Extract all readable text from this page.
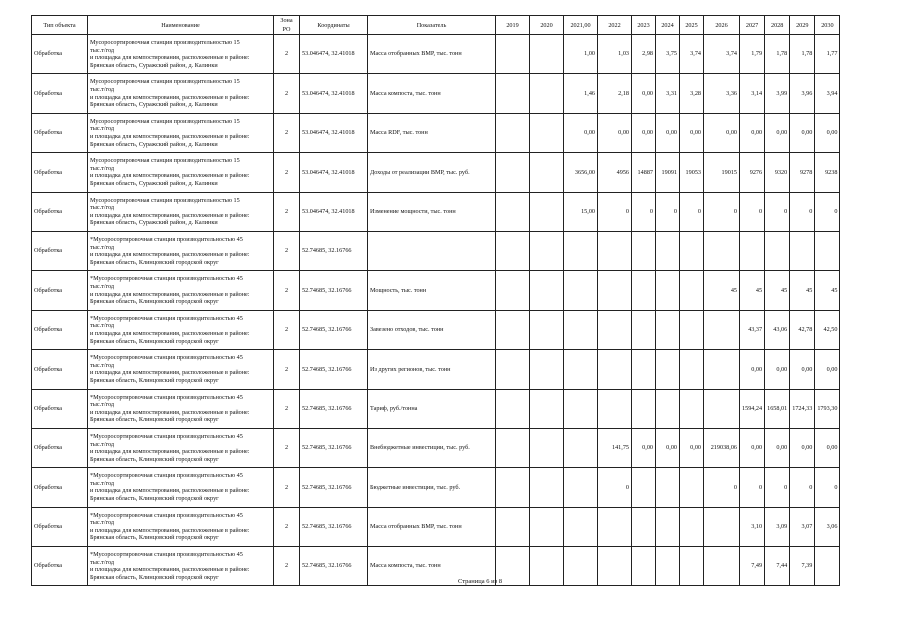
Тип объекта	Наименование	Зона РО	Координаты	Показатель	2019	2020	2021,00	2022	2023	2024	2025	2026	2027	2028	2029	2030
Обработка	Мусоросортировочная станция производительностью 15
тыс.т/год
и площадка для компостирования, расположенные в районе:
Брянская область, Суражский район, д. Калинки	2	53.046474, 32.41018	Масса отобранных ВМР, тыс. тонн			1,00	1,03	2,98	3,75	3,74	3,74	1,79	1,78	1,78	1,77
Обработка	Мусоросортировочная станция производительностью 15
тыс.т/год
и площадка для компостирования, расположенные в районе:
Брянская область, Суражский район, д. Калинки	2	53.046474, 32.41018	Масса компоста, тыс. тонн			1,46	2,18	0,00	3,31	3,28	3,36	3,14	3,99	3,96	3,94
Обработка	Мусоросортировочная станция производительностью 15
тыс.т/год
и площадка для компостирования, расположенные в районе:
Брянская область, Суражский район, д. Калинки	2	53.046474, 32.41018	Масса RDF, тыс. тонн			0,00	0,00	0,00	0,00	0,00	0,00	0,00	0,00	0,00	0,00
Обработка	Мусоросортировочная станция производительностью 15
тыс.т/год
и площадка для компостирования, расположенные в районе:
Брянская область, Суражский район, д. Калинки	2	53.046474, 32.41018	Доходы от реализации ВМР, тыс. руб.			3656,00	4956	14887	19091	19053	19015	9276	9320	9278	9238
Обработка	Мусоросортировочная станция производительностью 15
тыс.т/год
и площадка для компостирования, расположенные в районе:
Брянская область, Суражский район, д. Калинки	2	53.046474, 32.41018	Изменение мощности, тыс. тонн			15,00	0	0	0	0	0	0	0	0	0
Обработка	*Мусоросортировочная станция производительностью 45
тыс.т/год
и площадка для компостирования, расположенные в районе:
Брянская область, Клинцовский городской округ	2	52.74685, 32.16766													
Обработка	*Мусоросортировочная станция производительностью 45
тыс.т/год
и площадка для компостирования, расположенные в районе:
Брянская область, Клинцовский городской округ	2	52.74685, 32.16766	Мощность, тыс. тонн								45	45	45	45	45
Обработка	*Мусоросортировочная станция производительностью 45
тыс.т/год
и площадка для компостирования, расположенные в районе:
Брянская область, Клинцовский городской округ	2	52.74685, 32.16766	Завезено отходов, тыс. тонн									43,37	43,06	42,78	42,50
Обработка	*Мусоросортировочная станция производительностью 45
тыс.т/год
и площадка для компостирования, расположенные в районе:
Брянская область, Клинцовский городской округ	2	52.74685, 32.16766	Из других регионов, тыс. тонн									0,00	0,00	0,00	0,00
Обработка	*Мусоросортировочная станция производительностью 45
тыс.т/год
и площадка для компостирования, расположенные в районе:
Брянская область, Клинцовский городской округ	2	52.74685, 32.16766	Тариф, руб./тонна									1594,24	1658,01	1724,33	1793,30
Обработка	*Мусоросортировочная станция производительностью 45
тыс.т/год
и площадка для компостирования, расположенные в районе:
Брянская область, Клинцовский городской округ	2	52.74685, 32.16766	Внебюджетные инвестиции, тыс. руб.				141,75	0,00	0,00	0,00	219038,06	0,00	0,00	0,00	0,00
Обработка	*Мусоросортировочная станция производительностью 45
тыс.т/год
и площадка для компостирования, расположенные в районе:
Брянская область, Клинцовский городской округ	2	52.74685, 32.16766	Бюджетные инвестиции, тыс. руб.				0				0	0	0	0	0
Обработка	*Мусоросортировочная станция производительностью 45
тыс.т/год
и площадка для компостирования, расположенные в районе:
Брянская область, Клинцовский городской округ	2	52.74685, 32.16766	Масса отобранных ВМР, тыс. тонн									3,10	3,09	3,07	3,06
Обработка	*Мусоросортировочная станция производительностью 45
тыс.т/год
и площадка для компостирования, расположенные в районе:
Брянская область, Клинцовский городской округ	2	52.74685, 32.16766	Масса компоста, тыс. тонн									7,49	7,44	7,39	
Страница 6 из 8
